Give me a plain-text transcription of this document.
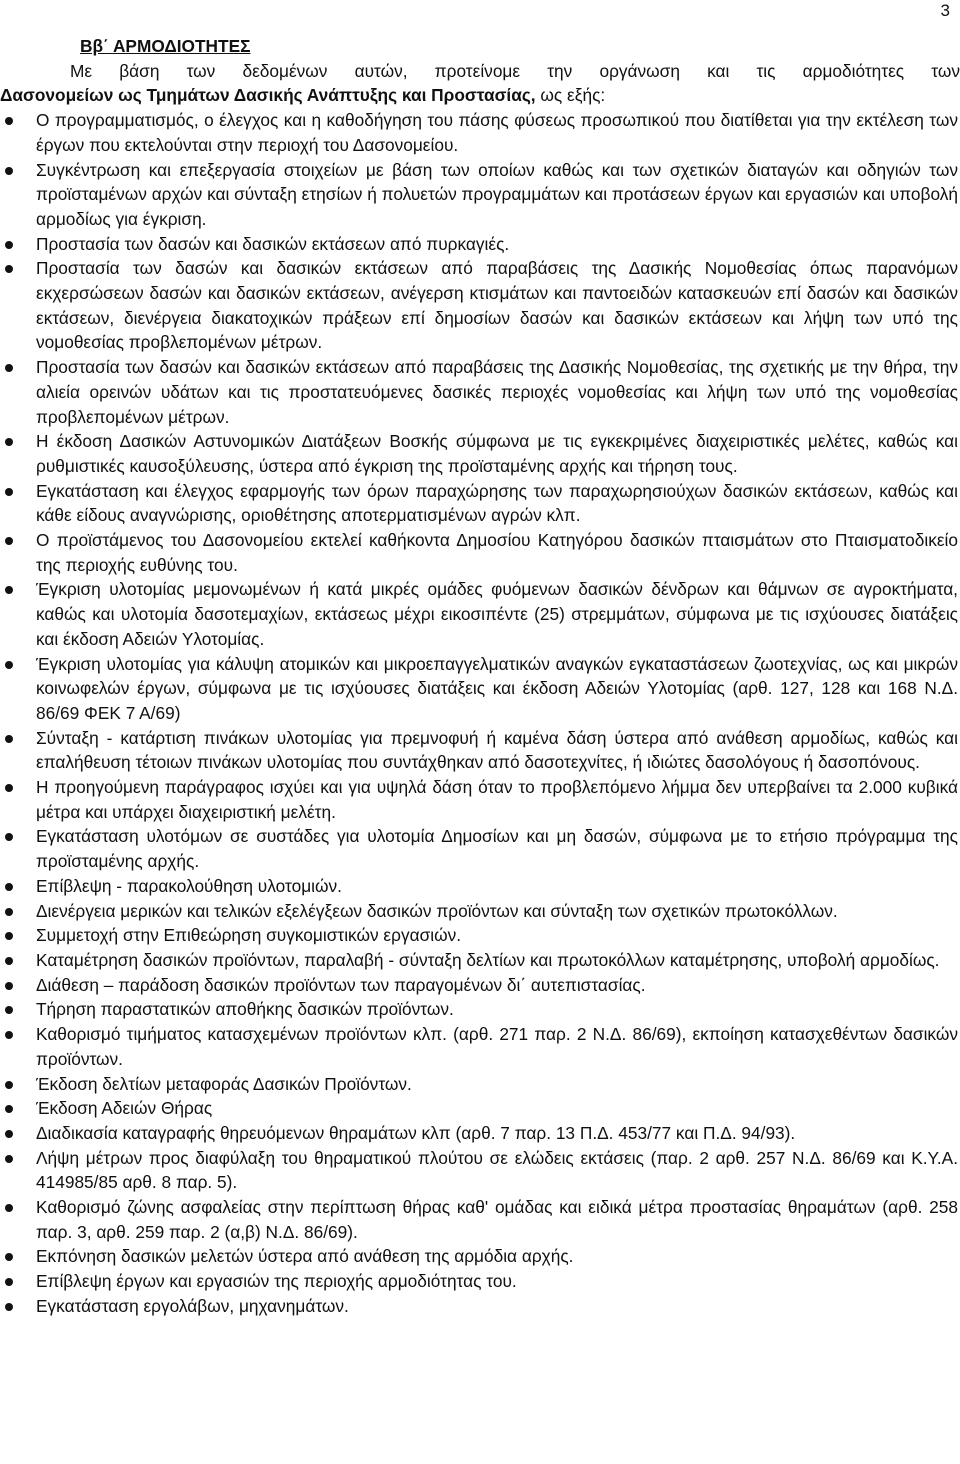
3
Ββ΄ ΑΡΜΟΔΙΟΤΗΤΕΣ

Με βάση των δεδομένων αυτών, προτείνομε την οργάνωση και τις αρμοδιότητες των
Δασονομείων ως Τμημάτων Δασικής Ανάπτυξης και Προστασίας, ως εξής:

Ο προγραμματισμός, ο έλεγχος και η καθοδήγηση του πάσης φύσεως προσωπικού που διατίθεται για την εκτέλεση των έργων που εκτελούνται στην περιοχή του Δασονομείου.
Συγκέντρωση και επεξεργασία στοιχείων με βάση των οποίων καθώς και των σχετικών διαταγών και οδηγιών των προϊσταμένων αρχών και σύνταξη ετησίων ή πολυετών προγραμμάτων και προτάσεων έργων και εργασιών και υποβολή αρμοδίως για έγκριση.
Προστασία των δασών και δασικών εκτάσεων από πυρκαγιές.
Προστασία των δασών και δασικών εκτάσεων από παραβάσεις της Δασικής Νομοθεσίας όπως παρανόμων εκχερσώσεων δασών και δασικών εκτάσεων, ανέγερση κτισμάτων και παντοειδών κατασκευών επί δασών και δασικών εκτάσεων, διενέργεια διακατοχικών πράξεων επί δημοσίων δασών και δασικών εκτάσεων και λήψη των υπό της νομοθεσίας προβλεπομένων μέτρων.
Προστασία των δασών και δασικών εκτάσεων από παραβάσεις της Δασικής Νομοθεσίας, της σχετικής με την θήρα, την αλιεία ορεινών υδάτων και τις προστατευόμενες δασικές περιοχές νομοθεσίας και λήψη των υπό της νομοθεσίας προβλεπομένων μέτρων.
Η έκδοση Δασικών Αστυνομικών Διατάξεων Βοσκής σύμφωνα με τις εγκεκριμένες διαχειριστικές μελέτες, καθώς και ρυθμιστικές καυσοξύλευσης, ύστερα από έγκριση της προϊσταμένης αρχής και τήρηση τους.
Εγκατάσταση και έλεγχος εφαρμογής των όρων παραχώρησης των παραχωρησιούχων δασικών εκτάσεων, καθώς και κάθε είδους αναγνώρισης, οριοθέτησης αποτερματισμένων αγρών κλπ.
Ο προϊστάμενος του Δασονομείου εκτελεί καθήκοντα Δημοσίου Κατηγόρου δασικών πταισμάτων στο Πταισματοδικείο της περιοχής ευθύνης του.
Έγκριση υλοτομίας μεμονωμένων ή κατά μικρές ομάδες φυόμενων δασικών δένδρων και θάμνων σε αγροκτήματα, καθώς και υλοτομία δασοτεμαχίων, εκτάσεως μέχρι εικοσιπέντε (25) στρεμμάτων, σύμφωνα με τις ισχύουσες διατάξεις και έκδοση Αδειών Υλοτομίας.
Έγκριση υλοτομίας για κάλυψη ατομικών και μικροεπαγγελματικών αναγκών εγκαταστάσεων ζωοτεχνίας, ως και μικρών κοινωφελών έργων, σύμφωνα με τις ισχύουσες διατάξεις και έκδοση Αδειών Υλοτομίας (αρθ. 127, 128 και 168 Ν.Δ. 86/69 ΦΕΚ 7 Α/69)
Σύνταξη - κατάρτιση πινάκων υλοτομίας για πρεμνοφυή ή καμένα δάση ύστερα από ανάθεση αρμοδίως, καθώς και επαλήθευση τέτοιων πινάκων υλοτομίας που συντάχθηκαν από δασοτεχνίτες, ή ιδιώτες δασολόγους ή δασοπόνους.
Η προηγούμενη παράγραφος ισχύει και για υψηλά δάση όταν το προβλεπόμενο λήμμα δεν υπερβαίνει τα 2.000 κυβικά μέτρα και υπάρχει διαχειριστική μελέτη.
Εγκατάσταση υλοτόμων σε συστάδες για υλοτομία Δημοσίων και μη δασών, σύμφωνα με το ετήσιο πρόγραμμα της προϊσταμένης αρχής.
Επίβλεψη - παρακολούθηση υλοτομιών.
Διενέργεια μερικών και τελικών εξελέγξεων δασικών προϊόντων και σύνταξη των σχετικών πρωτοκόλλων.
Συμμετοχή στην Επιθεώρηση συγκομιστικών εργασιών.
Καταμέτρηση δασικών προϊόντων, παραλαβή - σύνταξη δελτίων και πρωτοκόλλων καταμέτρησης, υποβολή αρμοδίως.
Διάθεση – παράδοση δασικών προϊόντων των παραγομένων δι΄ αυτεπιστασίας.
Τήρηση παραστατικών αποθήκης δασικών προϊόντων.
Καθορισμό τιμήματος κατασχεμένων προϊόντων κλπ. (αρθ. 271 παρ. 2 Ν.Δ. 86/69), εκποίηση κατασχεθέντων δασικών προϊόντων.
Έκδοση δελτίων μεταφοράς Δασικών Προϊόντων.
Έκδοση Αδειών Θήρας
Διαδικασία καταγραφής θηρευόμενων θηραμάτων κλπ (αρθ. 7 παρ. 13 Π.Δ. 453/77 και Π.Δ. 94/93).
Λήψη μέτρων προς διαφύλαξη του θηραματικού πλούτου σε ελώδεις εκτάσεις (παρ. 2 αρθ. 257 Ν.Δ. 86/69 και Κ.Υ.Α. 414985/85 αρθ. 8 παρ. 5).
Καθορισμό ζώνης ασφαλείας στην περίπτωση θήρας καθ' ομάδας και ειδικά μέτρα προστασίας θηραμάτων (αρθ. 258 παρ. 3, αρθ. 259 παρ. 2 (α,β) Ν.Δ. 86/69).
Εκπόνηση δασικών μελετών ύστερα από ανάθεση της αρμόδια αρχής.
Επίβλεψη έργων και εργασιών της περιοχής αρμοδιότητας του.
Εγκατάσταση εργολάβων, μηχανημάτων.
